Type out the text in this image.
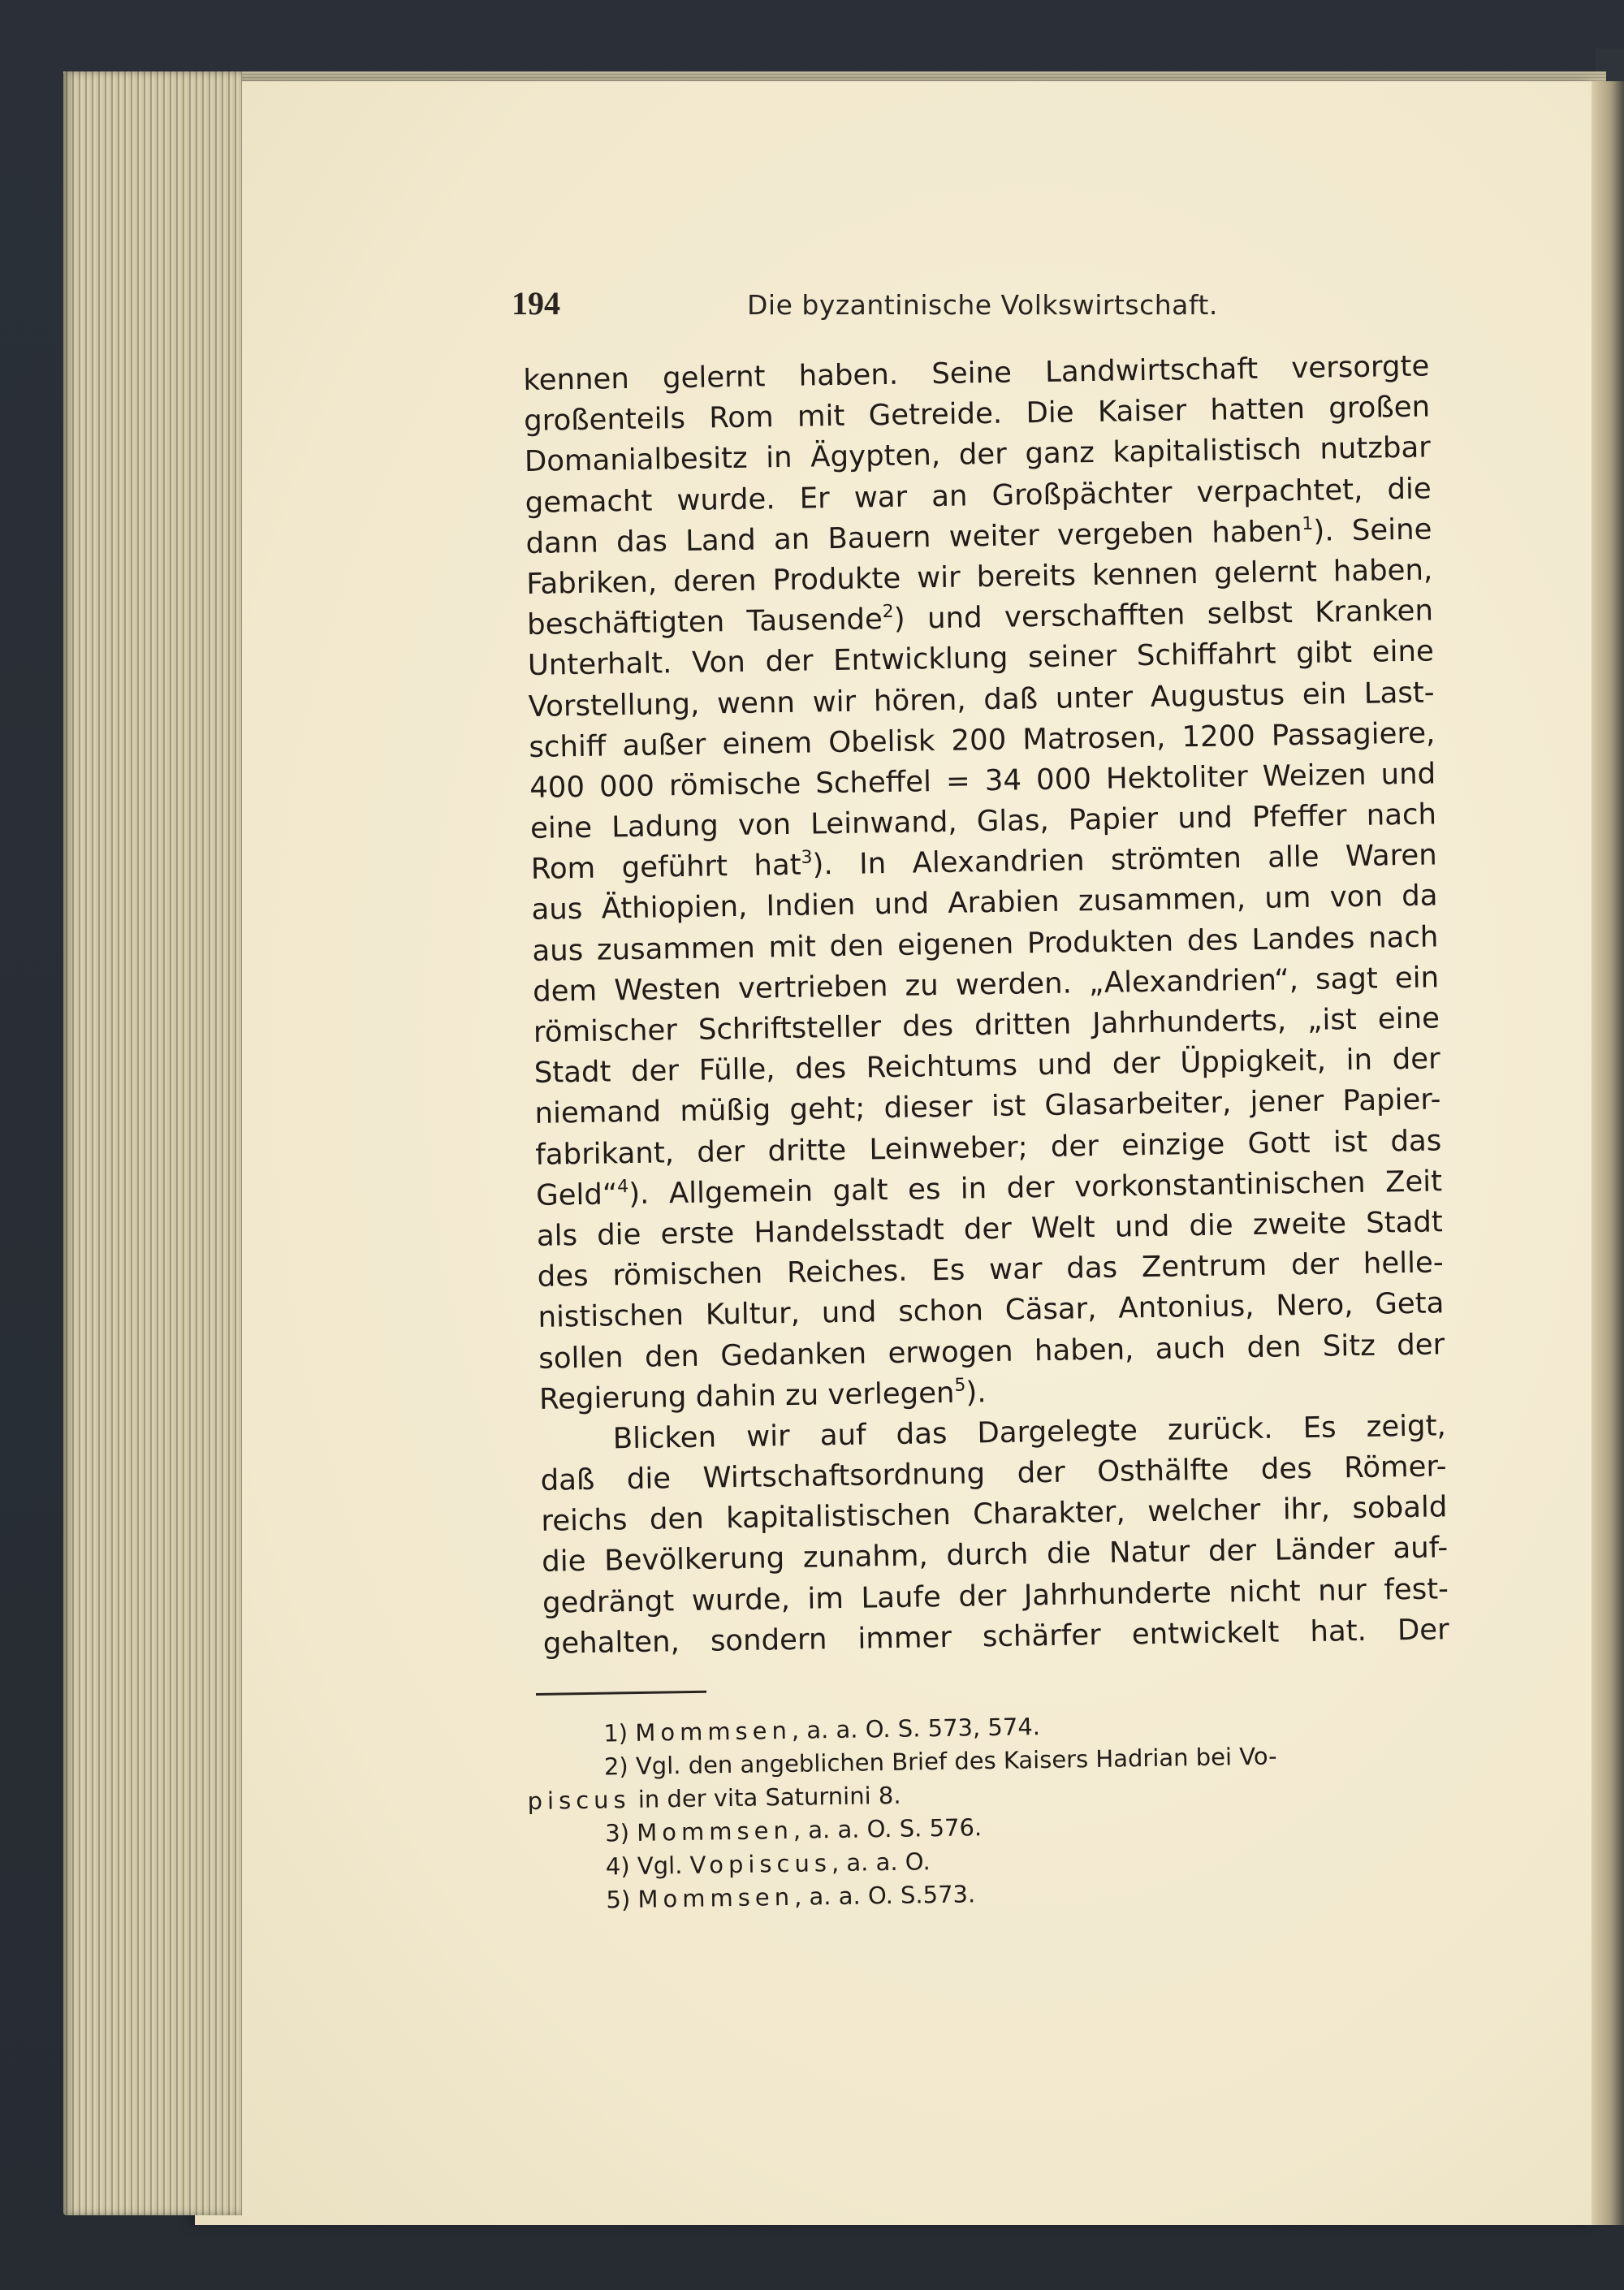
194	Die byzantinische Volkswirtschaft.
kennen gelernt haben. Seine Landwirtschaft versorgte
großenteils Rom mit Getreide. Die Kaiser hatten großen
Domanialbesitz in Ägypten, der ganz kapitalistisch nutzbar
gemacht wurde. Er war an Großpächter verpachtet, die
dann das Land an Bauern weiter vergeben haben$^1$). Seine
Fabriken, deren Produkte wir bereits kennen gelernt haben,
beschäftigten Tausende$^2$) und verschafften selbst Kranken
Unterhalt. Von der Entwicklung seiner Schiffahrt gibt eine
Vorstellung, wenn wir hören, daß unter Augustus ein Last-
schiff außer einem Obelisk 200 Matrosen, 1200 Passagiere,
400 000 römische Scheffel = 34 000 Hektoliter Weizen und
eine Ladung von Leinwand, Glas, Papier und Pfeffer nach
Rom geführt hat$^3$). In Alexandrien strömten alle Waren
aus Äthiopien, Indien und Arabien zusammen, um von da
aus zusammen mit den eigenen Produkten des Landes nach
dem Westen vertrieben zu werden. „Alexandrien“, sagt ein
römischer Schriftsteller des dritten Jahrhunderts, „ist eine
Stadt der Fülle, des Reichtums und der Üppigkeit, in der
niemand müßig geht; dieser ist Glasarbeiter, jener Papier-
fabrikant, der dritte Leinweber; der einzige Gott ist das
Geld“$^4$). Allgemein galt es in der vorkonstantinischen Zeit
als die erste Handelsstadt der Welt und die zweite Stadt
des römischen Reiches. Es war das Zentrum der helle-
nistischen Kultur, und schon Cäsar, Antonius, Nero, Geta
sollen den Gedanken erwogen haben, auch den Sitz der
Regierung dahin zu verlegen$^5$).
Blicken wir auf das Dargelegte zurück. Es zeigt,
daß die Wirtschaftsordnung der Osthälfte des Römer-
reichs den kapitalistischen Charakter, welcher ihr, sobald
die Bevölkerung zunahm, durch die Natur der Länder auf-
gedrängt wurde, im Laufe der Jahrhunderte nicht nur fest-
gehalten, sondern immer schärfer entwickelt hat. Der
1) Mommsen, a. a. O. S. 573, 574.
2) Vgl. den angeblichen Brief des Kaisers Hadrian bei Vo-
piscus in der vita Saturnini 8.
3) Mommsen, a. a. O. S. 576.
4) Vgl. Vopiscus, a. a. O.
5) Mommsen, a. a. O. S.573.
